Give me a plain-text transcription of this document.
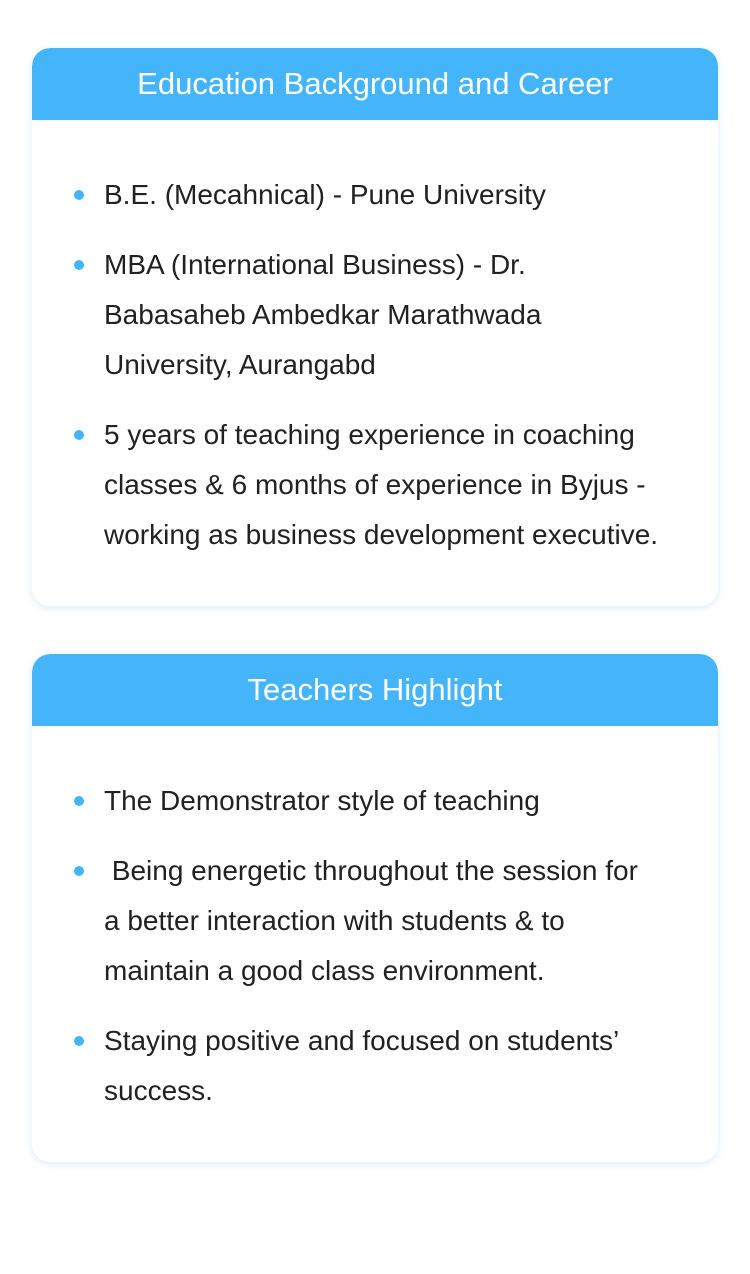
Education Background and Career
B.E. (Mecahnical) - Pune University
MBA (International Business) - Dr.
Babasaheb Ambedkar Marathwada
University, Aurangabd
5 years of teaching experience in coaching
classes & 6 months of experience in Byjus -
working as business development executive.
Teachers Highlight
The Demonstrator style of teaching
Being energetic throughout the session for
a better interaction with students & to
maintain a good class environment.
Staying positive and focused on students’
success.
